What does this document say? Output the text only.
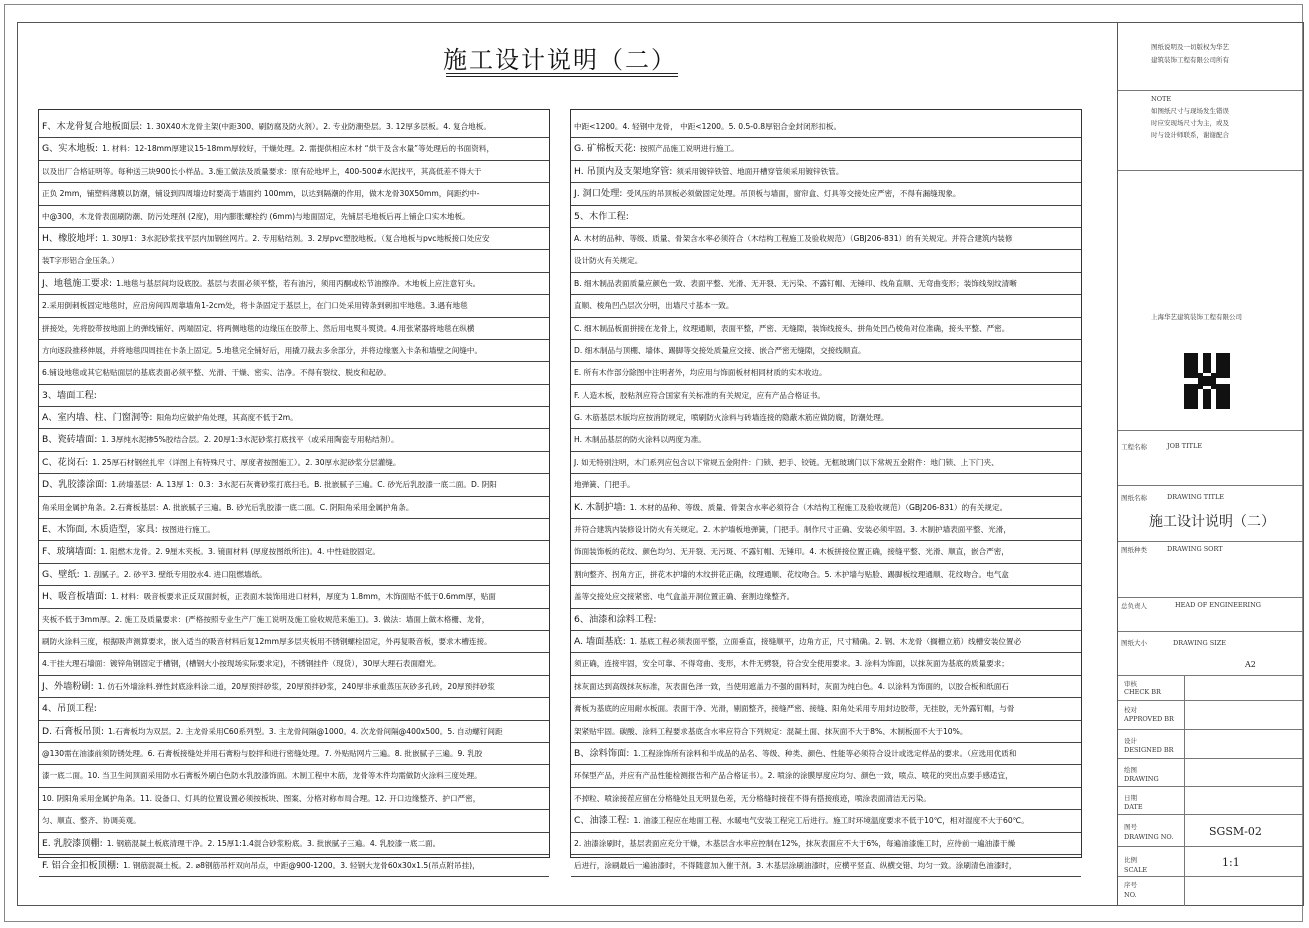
施工设计说明（二）
F、木龙骨复合地板面层: 1. 30X40木龙骨主架(中距300、刷防腐及防火剂）。2. 专业防潮垫层。3. 12厚多层板。4. 复合地板。
G、实木地板: 1. 材料：12-18mm厚建议15-18mm厚较好，干燥处理。2. 需提供相应木材 “烘干及含水量”等处理后的书面资料，
以及出厂合格证明等。每种送三块900长小样品。3.施工做法及质量要求：原有砼地坪上，400-500#水泥找平，其高低差不得大于
正负 2mm，铺塑料薄膜以防潮，铺设到四周墙边时要高于墙面约 100mm，以达到隔潮的作用，做木龙骨30X50mm，间距约中-
中@300，木龙骨表面刷防潮、防污处理剂 (2度)，用内膨胀螺栓约 (6mm)与地面固定，先铺层毛地板后再上铺企口实木地板。
H、橡胶地坪: 1. 30厚1：3水泥砂浆找平层内加钢丝网片。2. 专用粘结剂。3. 2厚pvc塑胶地板。（复合地板与pvc地板接口处应安
装T字形铝合金压条。）
J、地毯施工要求: 1.地毯与基层间均设底胶。基层与表面必须平整，若有油污，须用丙酮或松节油擦净。木地板上应注意钉头。
2.采用倒刺板固定地毯时，应沿房间四周靠墙角1-2cm处，将卡条固定于基层上，在门口处采用铸条到刺扣牢地毯。3.遇有地毯
拼接处，先将胶带按地面上的弹线铺好、两端固定、将两侧地毯的边缘压在胶带上、然后用电熨斗熨烫。4.用张紧器将地毯在纵横
方向逐段推移伸展，并将地毯四周挂在卡条上固定。5.地毯完全铺好后，用撬刀裁去多余部分，并将边缘塞入卡条和墙壁之间缝中。
6.铺设地毯或其它粘贴面层的基底表面必须平整、光滑、干燥、密实、洁净。不得有裂纹、脱皮和起砂。
3、墙面工程:
A、室内墙、柱、门窗洞等: 阳角均应做护角处理，其高度不低于2m。
B、瓷砖墙面: 1. 3厚纯水泥掺5%胶结合层。2. 20厚1:3水泥砂浆打底找平（或采用陶瓷专用粘结剂）。
C、花岗石: 1. 25厚石材钢丝扎牢（详图上有特殊尺寸、厚度者按图施工）。2. 30厚水泥砂浆分层灌缝。
D、乳胶漆涂面: 1.砖墙基层：A. 13厚 1：0.3：3水泥石灰膏砂浆打底扫毛。B. 批嵌腻子三遍。C. 砂光后乳胶漆一底二面。D. 阴阳
角采用金属护角条。2.石膏板基层：A. 批嵌腻子三遍。B. 砂光后乳胶漆一底二面。C. 阴阳角采用金属护角条。
E、木饰面, 木质造型，家具: 按图进行施工。
F、玻璃墙面: 1. 阻燃木龙骨。2. 9厘木夹板。3. 镜面材料 (厚度按图纸所注)。4. 中性硅胶固定。
G、壁纸: 1. 刮腻子。2. 砂平3. 壁纸专用胶水4. 进口阻燃墙纸。
H、吸音板墙面: 1. 材料：吸音板要求正反双面封板，正表面木装饰用进口材料，厚度为 1.8mm，木饰面贴不低于0.6mm厚，贴面
夹板不低于3mm厚。2. 施工及质量要求：(严格按照专业生产厂施工说明及施工验收规范来施工)。3. 做法：墙面上做木格栅、龙骨，
刷防火涂料三度，根据吸声测算要求，嵌入适当的吸音材料后复12mm厚多层夹板用不锈钢螺栓固定，外再复吸音板，要求木槽连接。
4.干挂大理石墙面：镀锌角钢固定于槽钢，(槽钢大小按现场实际要求定)，不锈钢挂件（现货），30厚大理石表面磨光。
J、外墙粉刷: 1. 仿石外墙涂料.弹性封底涂料涂二道，20厚预拌砂浆，20厚预拌砂浆，240厚非承重蒸压灰砂多孔砖，20厚预拌砂浆
4、吊顶工程:
D. 石膏板吊顶: 1.石膏板均为双层。2. 主龙骨采用C60系列型。3. 主龙骨间隔@1000。4. 次龙骨间隔@400x500。5. 自动螺钉间距
@130需在油漆前须防锈处理。6. 石膏板接缝处并用石膏粉与胶拌和进行密缝处理。7. 外贴贴网片三遍。8. 批嵌腻子三遍。9. 乳胶
漆一底二面。10. 当卫生间顶面采用防水石膏板外刷白色防水乳胶漆饰面。木制工程中木筋，龙骨等木件均需做防火涂料三度处理。
10. 阴阳角采用金属护角条。11. 设备口、灯具的位置设置必须按板块、图案、分格对称布局合理。12. 开口边缘整齐、护口严密，
匀、顺直、整齐、协调美观。
E. 乳胶漆顶棚: 1. 钢筋混凝土板底清理干净。2. 15厚1:1.4混合砂浆粉底。3. 批嵌腻子三遍。4. 乳胶漆一底二面。
F. 铝合金扣板顶棚: 1. 钢筋混凝土板。2. ⌀8钢筋吊杆双向吊点，中距@900-1200。3. 轻钢大龙骨60x30x1.5(吊点附吊挂)，
中距<1200。4. 轻钢中龙骨， 中距<1200。5. 0.5-0.8厚铝合金封闭形扣板。
G. 矿棉板天花: 按照产品施工说明进行施工。
H. 吊顶内及支架地穿管: 须采用镀锌铁管、地面开槽穿管须采用镀锌铁管。
J. 洞口处理: 受风压的吊顶板必须做固定处理。吊顶板与墙面，窗帘盒、灯具等交接处应严密，不得有漏缝现象。
5、木作工程:
A. 木材的品种、等级、质量、骨架含水率必须符合（木结构工程施工及验收规范）（GBJ206-831）的有关规定。并符合建筑内装修
设计防火有关规定。
B. 细木制品表面质量应颜色一致、表面平整、光滑、无开裂、无污染、不露钉帽、无锤印、线角直顺、无弯曲变形；装饰线刻纹清晰
直顺、棱角凹凸层次分明，出墙尺寸基本一致。
C. 细木制品板面拼接在龙骨上，纹理通顺，表面平整，严密、无缝隙，装饰线接头、拼角处凹凸棱角对位准确，接头平整、严密。
D. 细木制品与顶棚、墙体、踢脚等交接处质量应交接、嵌合严密无缝隙，交接线顺直。
E. 所有木作部分除图中注明者外，均应用与饰面板材相同材质的实木收边。
F. 人造木板，胶粘剂应符合国家有关标准的有关规定，应有产品合格证书。
G. 木筋基层木版均应按消防规定，喷刷防火涂料与砖墙连接的隐蔽木筋应做防腐，防潮处理。
H. 木制品基层的防火涂料以两度为准。
J. 如无特别注明，木门系列应包含以下常规五金附件：门锁、把手、铰链。无框玻璃门以下常规五金附件：地门锁、上下门夹、
地弹簧、门把手。
K. 木制护墙: 1. 木材的品种、等级、质量、骨架含水率必须符合（木结构工程施工及验收规范）（GBJ206-831）的有关规定。
并符合建筑内装修设计防火有关规定。2. 木护墙板地弹簧，门把手。制作尺寸正确、安装必须牢固。3. 木制护墙表面平整、光滑，
饰面装饰板的花纹、颜色均匀、无开裂、无污斑、不露钉帽、无锤印。4. 木板拼接位置正确，接缝平整、光滑、顺直，嵌合严密，
割向整齐、拐角方正，拼花木护墙的木纹拼花正确，纹理通顺、花纹吻合。5. 木护墙与贴脸、踢脚板纹理通顺、花纹吻合。电气盒
盖等交接处应交接紧密、电气盒盖开洞位置正确、套割边缘整齐。
6、油漆和涂料工程:
A. 墙面基底: 1. 基底工程必须表面平整，立面垂直，接缝顺平，边角方正，尺寸精确。2. 钢、木龙骨（搁栅立筋）线槽安装位置必
须正确，连接牢固，安全可靠、不得弯曲、变形，木件无劈裂，符合安全使用要求。3. 涂料为饰面，以抹灰面为基底的质量要求；
抹灰面达到高级抹灰标准，灰表面色泽一致，当使用遮盖力不强的面料时，灰面为纯白色。4. 以涂料为饰面的，以胶合板和纸面石
膏板为基底的应用耐水板面。表面干净、光滑，剔面整齐，接缝严密、接缝、阳角处采用专用封边胶带，无挂胶，无外露钉帽，与骨
架紧贴牢固。碳酸、涂料工程要求基底含水率应符合下列规定：混凝土面、抹灰面不大于8%、木制板面不大于10%。
B、涂料饰面: 1.工程涂饰所有涂料和半成品的品名、等级、种类、颜色、性能等必须符合设计或选定样品的要求。（应选用优质和
环保型产品，并应有产品性能检测报告和产品合格证书）。2. 喷涂的涂膜厚度应均匀、颜色一致，喷点、喷花的突出点要手感适宜，
不掉粒、喷涂接茬应留在分格缝处且无明显色差，无分格缝时接茬不得有搭接痕迹，喷涂表面清洁无污染。
C、油漆工程: 1. 油漆工程应在地面工程、水暖电气安装工程完工后进行。施工时环境温度要求不低于10℃，相对湿度不大于60℃。
2. 油漆涂刷时，基层表面应充分干燥，木基层含水率应控制在12%，抹灰表面应不大于6%，每遍油漆施工时，应待前一遍油漆干燥
后进行，涂刷最后一遍油漆时，不得随意加入催干剂。3. 木基层涂刷油漆时，应横平竖直、纵横交错、均匀一致。涂刷清色油漆时，
图纸说明及一切版权为华艺
建筑装饰工程有限公司所有
NOTE
如图纸尺寸与现场发生错误
时应安现场尺寸为主，或及
时与设计师联系，谢谢配合
上海华艺建筑装饰工程有限公司
工程名称	JOB TITLE
图纸名称	DRAWING TITLE
施工设计说明（二）
图纸种类	DRAWING SORT
总负责人	HEAD OF ENGINEERING
图纸大小	DRAWING SIZE
A2
审核
CHECK BR
校对
APPROVED BR
设计
DESIGNED BR
绘图
DRAWING
日期
DATE
图号
DRAWING NO.	SGSM-02
比例
SCALE
1:1
序号
NO.
